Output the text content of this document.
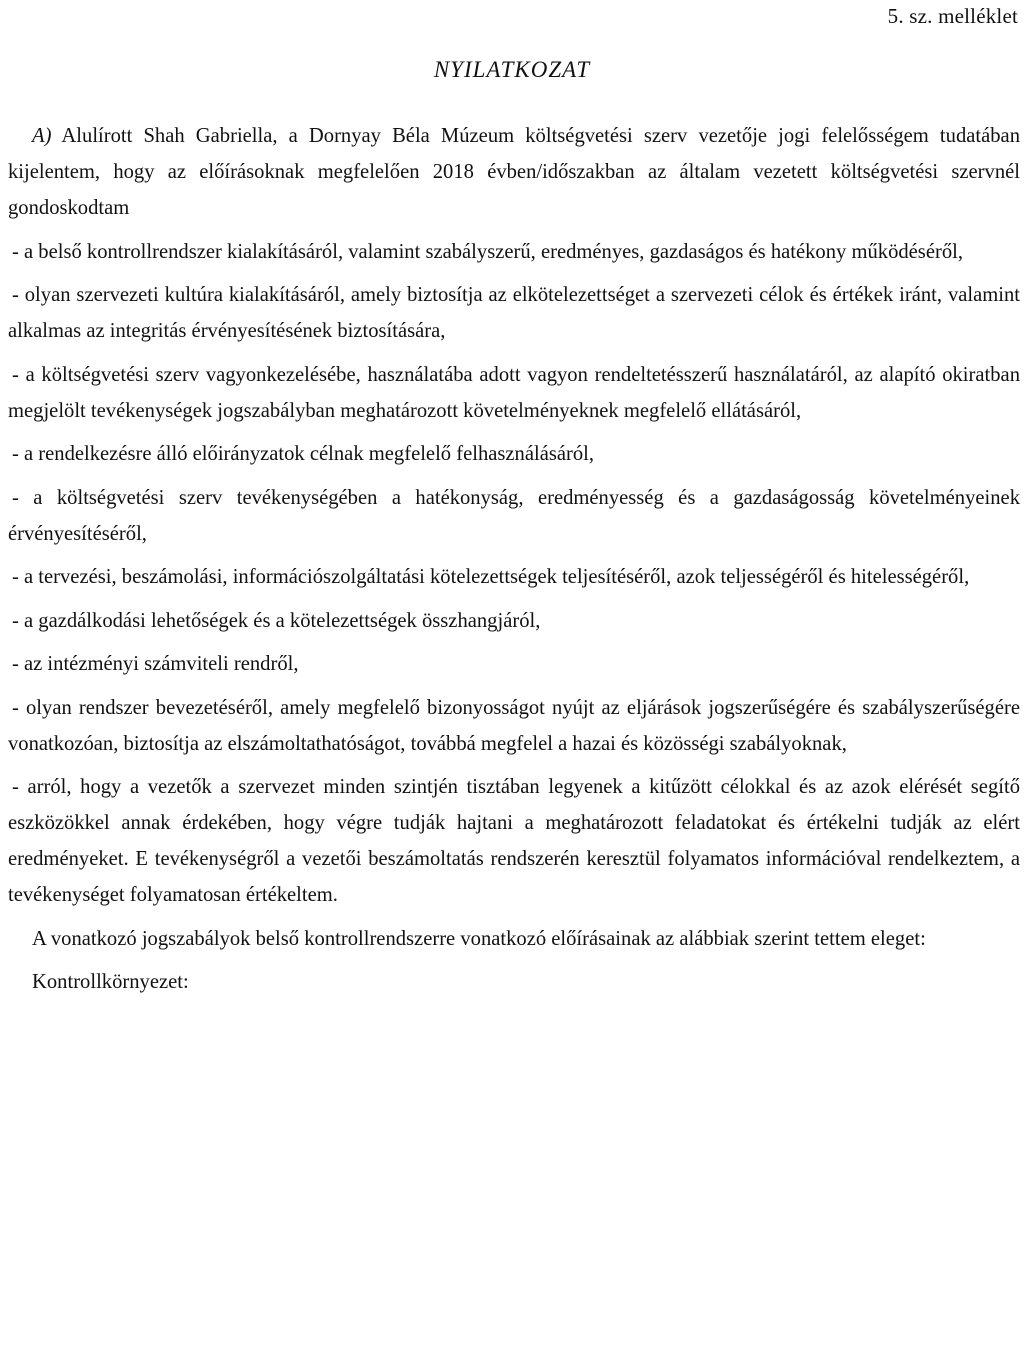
5. sz. melléklet
NYILATKOZAT

A) Alulírott Shah Gabriella, a Dornyay Béla Múzeum költségvetési szerv vezetője jogi felelősségem tudatában kijelentem, hogy az előírásoknak megfelelően 2018 évben/időszakban az általam vezetett költségvetési szervnél gondoskodtam

- a belső kontrollrendszer kialakításáról, valamint szabályszerű, eredményes, gazdaságos és hatékony működéséről,

- olyan szervezeti kultúra kialakításáról, amely biztosítja az elkötelezettséget a szervezeti célok és értékek iránt, valamint alkalmas az integritás érvényesítésének biztosítására,

- a költségvetési szerv vagyonkezelésébe, használatába adott vagyon rendeltetésszerű használatáról, az alapító okiratban megjelölt tevékenységek jogszabályban meghatározott követelményeknek megfelelő ellátásáról,

- a rendelkezésre álló előirányzatok célnak megfelelő felhasználásáról,

- a költségvetési szerv tevékenységében a hatékonyság, eredményesség és a gazdaságosság követelményeinek érvényesítéséről,

- a tervezési, beszámolási, információszolgáltatási kötelezettségek teljesítéséről, azok teljességéről és hitelességéről,

- a gazdálkodási lehetőségek és a kötelezettségek összhangjáról,

- az intézményi számviteli rendről,

- olyan rendszer bevezetéséről, amely megfelelő bizonyosságot nyújt az eljárások jogszerűségére és szabályszerűségére vonatkozóan, biztosítja az elszámoltathatóságot, továbbá megfelel a hazai és közösségi szabályoknak,

- arról, hogy a vezetők a szervezet minden szintjén tisztában legyenek a kitűzött célokkal és az azok elérését segítő eszközökkel annak érdekében, hogy végre tudják hajtani a meghatározott feladatokat és értékelni tudják az elért eredményeket. E tevékenységről a vezetői beszámoltatás rendszerén keresztül folyamatos információval rendelkeztem, a tevékenységet folyamatosan értékeltem.

A vonatkozó jogszabályok belső kontrollrendszerre vonatkozó előírásainak az alábbiak szerint tettem eleget:

Kontrollkörnyezet:
